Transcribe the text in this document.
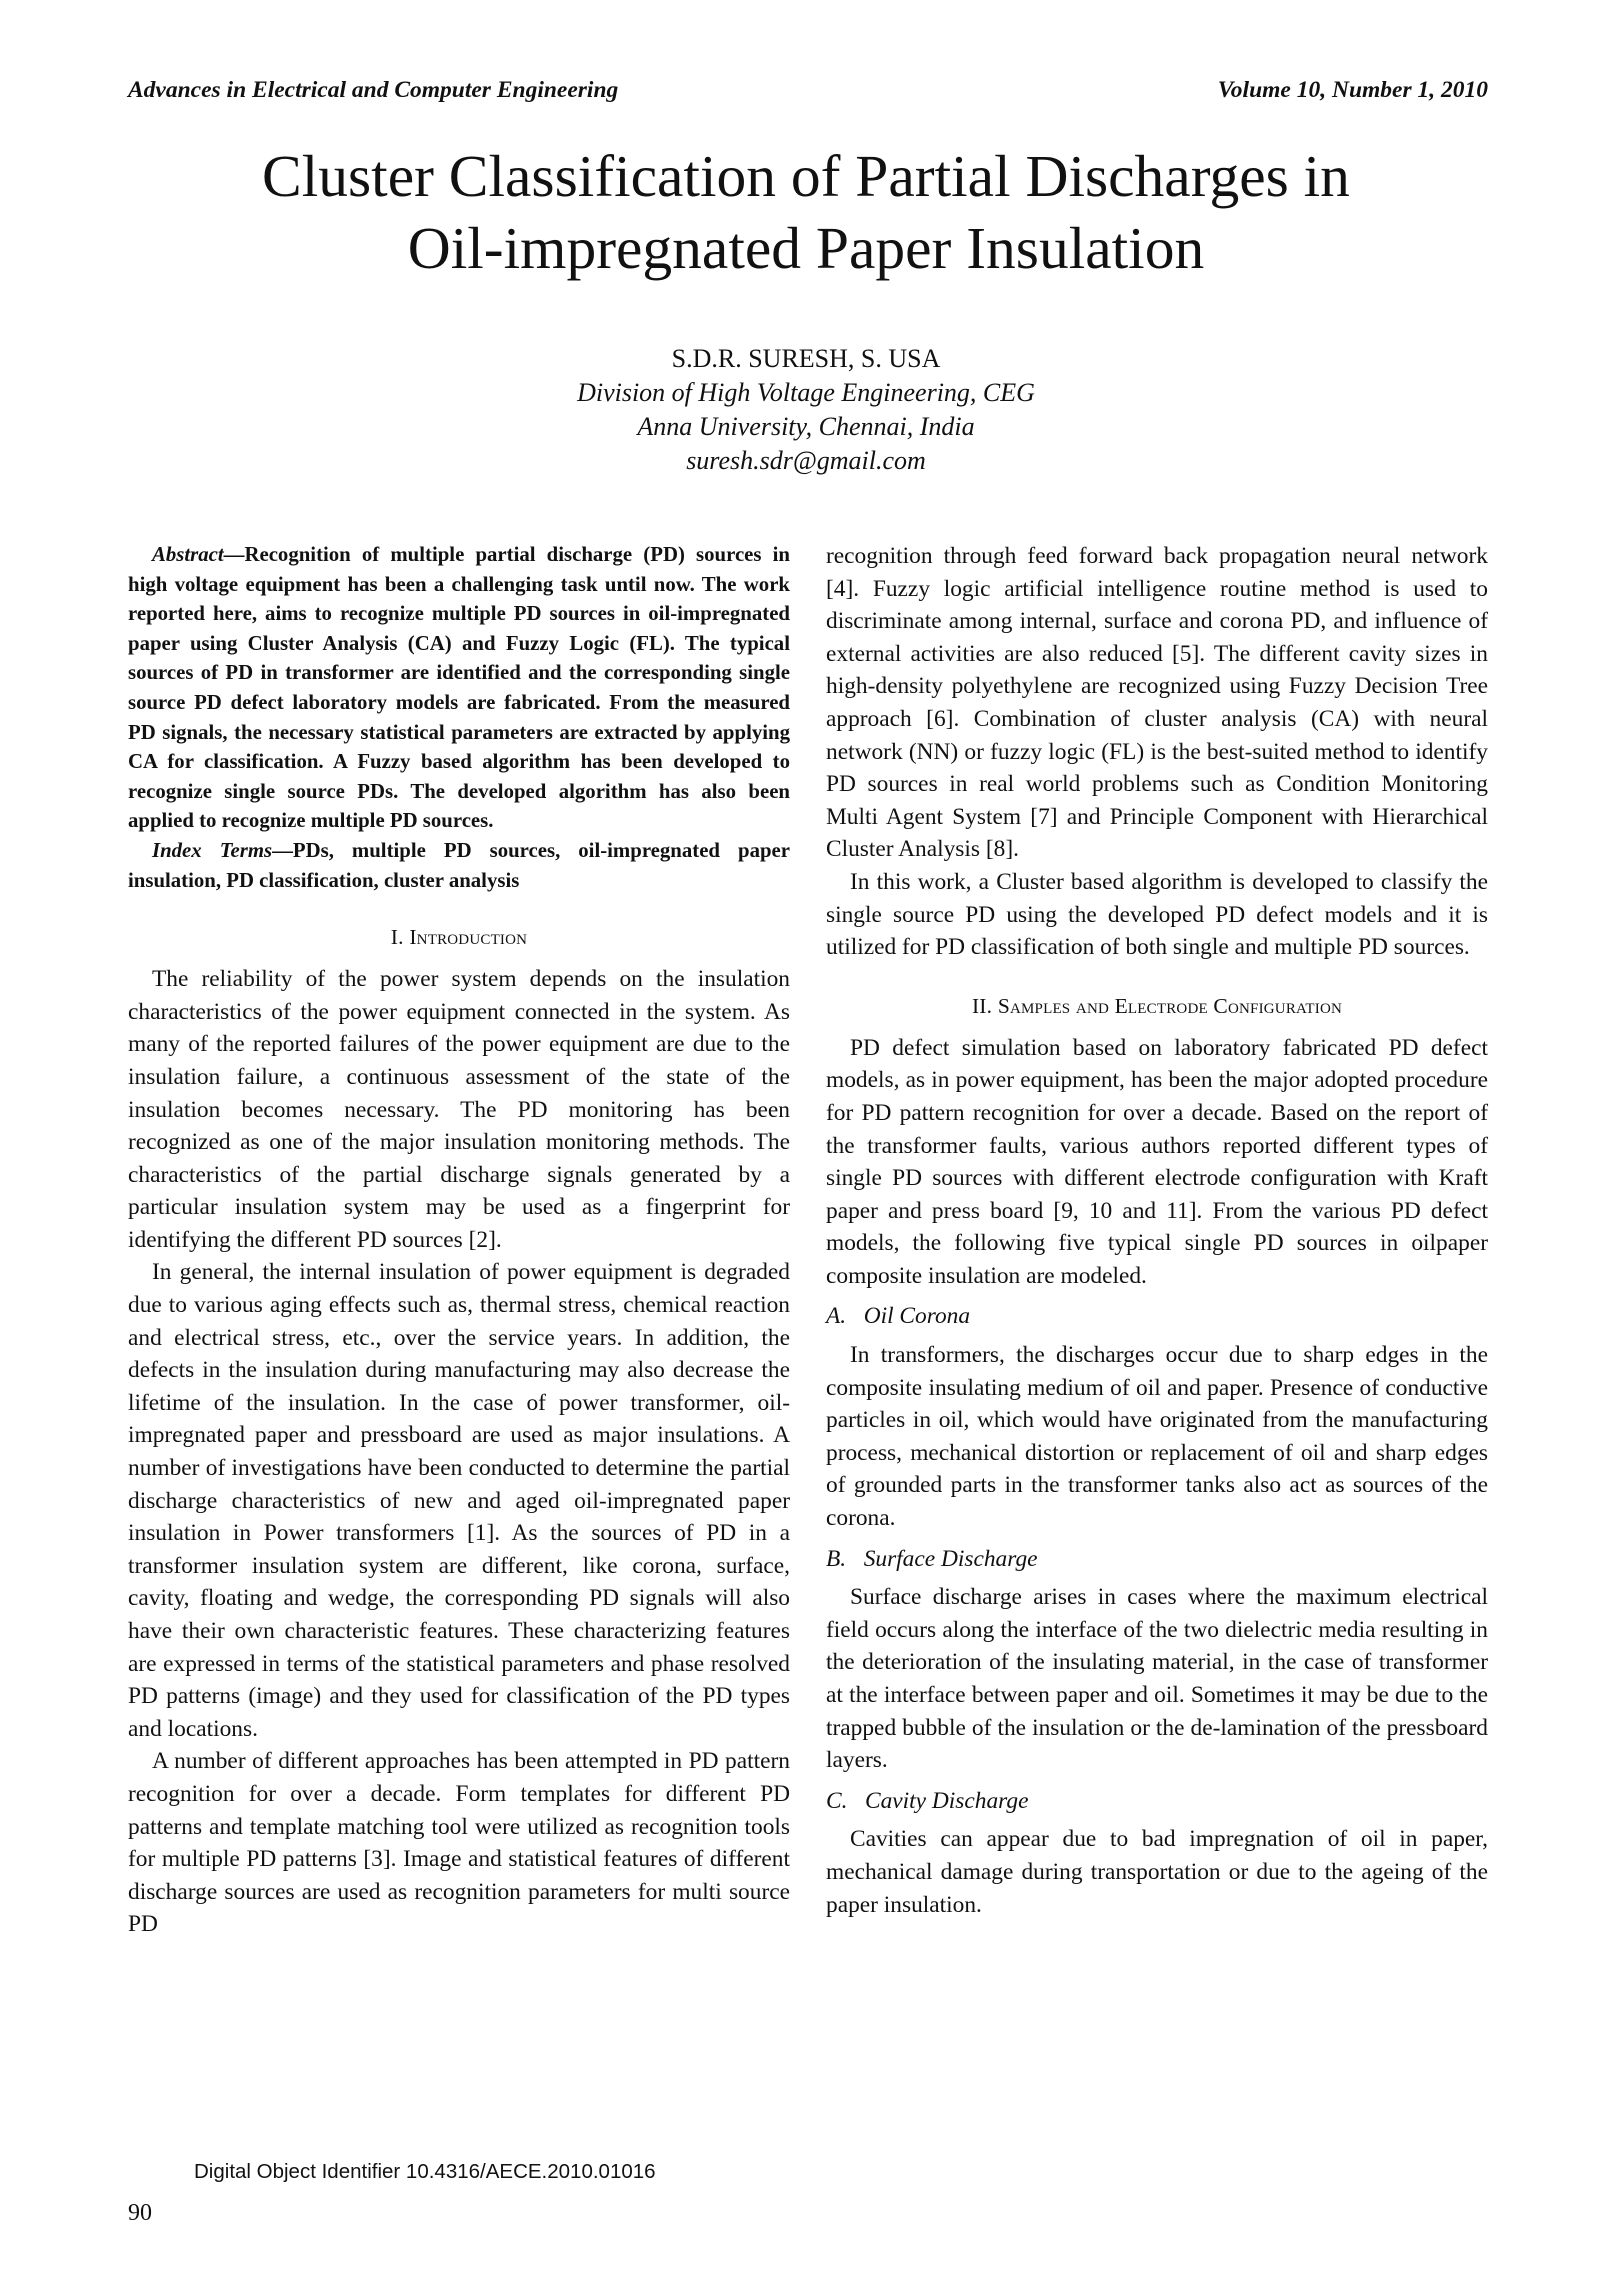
Advances in Electrical and Computer Engineering	Volume 10, Number 1, 2010
Cluster Classification of Partial Discharges in
Oil-impregnated Paper Insulation
S.D.R. SURESH, S. USA
Division of High Voltage Engineering, CEG
Anna University, Chennai, India
suresh.sdr@gmail.com

Abstract—Recognition of multiple partial discharge (PD) sources in high voltage equipment has been a challenging task until now. The work reported here, aims to recognize multiple PD sources in oil-impregnated paper using Cluster Analysis (CA) and Fuzzy Logic (FL). The typical sources of PD in transformer are identified and the corresponding single source PD defect laboratory models are fabricated. From the measured PD signals, the necessary statistical parameters are extracted by applying CA for classification. A Fuzzy based algorithm has been developed to recognize single source PDs. The developed algorithm has also been applied to recognize multiple PD sources.

Index Terms—PDs, multiple PD sources, oil-impregnated paper insulation, PD classification, cluster analysis

I. Introduction

The reliability of the power system depends on the insulation characteristics of the power equipment connected in the system. As many of the reported failures of the power equipment are due to the insulation failure, a continuous assessment of the state of the insulation becomes necessary. The PD monitoring has been recognized as one of the major insulation monitoring methods. The characteristics of the partial discharge signals generated by a particular insulation system may be used as a fingerprint for identifying the different PD sources [2].

In general, the internal insulation of power equipment is degraded due to various aging effects such as, thermal stress, chemical reaction and electrical stress, etc., over the service years. In addition, the defects in the insulation during manufacturing may also decrease the lifetime of the insulation. In the case of power transformer, oil-impregnated paper and pressboard are used as major insulations. A number of investigations have been conducted to determine the partial discharge characteristics of new and aged oil-impregnated paper insulation in Power transformers [1]. As the sources of PD in a transformer insulation system are different, like corona, surface, cavity, floating and wedge, the corresponding PD signals will also have their own characteristic features. These characterizing features are expressed in terms of the statistical parameters and phase resolved PD patterns (image) and they used for classification of the PD types and locations.

A number of different approaches has been attempted in PD pattern recognition for over a decade. Form templates for different PD patterns and template matching tool were utilized as recognition tools for multiple PD patterns [3]. Image and statistical features of different discharge sources are used as recognition parameters for multi source PD

recognition through feed forward back propagation neural network [4]. Fuzzy logic artificial intelligence routine method is used to discriminate among internal, surface and corona PD, and influence of external activities are also reduced [5]. The different cavity sizes in high-density polyethylene are recognized using Fuzzy Decision Tree approach [6]. Combination of cluster analysis (CA) with neural network (NN) or fuzzy logic (FL) is the best-suited method to identify PD sources in real world problems such as Condition Monitoring Multi Agent System [7] and Principle Component with Hierarchical Cluster Analysis [8].

In this work, a Cluster based algorithm is developed to classify the single source PD using the developed PD defect models and it is utilized for PD classification of both single and multiple PD sources.

II. Samples and Electrode Configuration

PD defect simulation based on laboratory fabricated PD defect models, as in power equipment, has been the major adopted procedure for PD pattern recognition for over a decade. Based on the report of the transformer faults, various authors reported different types of single PD sources with different electrode configuration with Kraft paper and press board [9, 10 and 11]. From the various PD defect models, the following five typical single PD sources in oilpaper composite insulation are modeled.

A. Oil Corona

In transformers, the discharges occur due to sharp edges in the composite insulating medium of oil and paper. Presence of conductive particles in oil, which would have originated from the manufacturing process, mechanical distortion or replacement of oil and sharp edges of grounded parts in the transformer tanks also act as sources of the corona.

B. Surface Discharge

Surface discharge arises in cases where the maximum electrical field occurs along the interface of the two dielectric media resulting in the deterioration of the insulating material, in the case of transformer at the interface between paper and oil. Sometimes it may be due to the trapped bubble of the insulation or the de-lamination of the pressboard layers.

C. Cavity Discharge

Cavities can appear due to bad impregnation of oil in paper, mechanical damage during transportation or due to the ageing of the paper insulation.

Digital Object Identifier 10.4316/AECE.2010.01016
90
